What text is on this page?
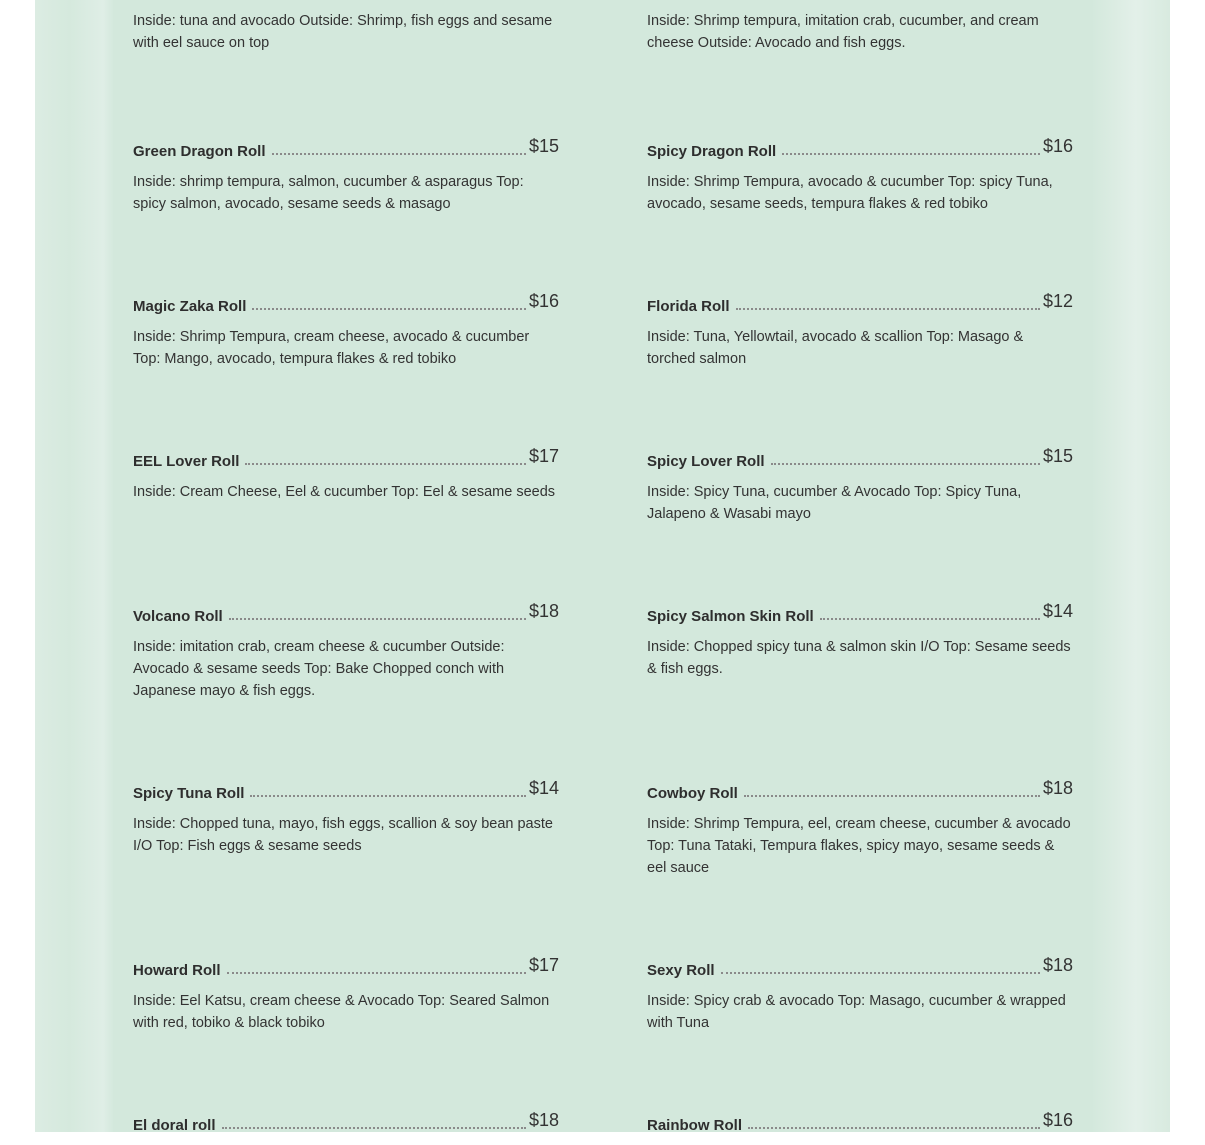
Inside: tuna and avocado Outside: Shrimp, fish eggs and sesame with eel sauce on top
Inside: Shrimp tempura, imitation crab, cucumber, and cream cheese Outside: Avocado and fish eggs.
Green Dragon Roll	$15
Inside: shrimp tempura, salmon, cucumber & asparagus Top: spicy salmon, avocado, sesame seeds & masago
Spicy Dragon Roll	$16
Inside: Shrimp Tempura, avocado & cucumber Top: spicy Tuna, avocado, sesame seeds, tempura flakes & red tobiko
Magic Zaka Roll	$16
Inside: Shrimp Tempura, cream cheese, avocado & cucumber Top: Mango, avocado, tempura flakes & red tobiko
Florida Roll	$12
Inside: Tuna, Yellowtail, avocado & scallion Top: Masago & torched salmon
EEL Lover Roll	$17
Inside: Cream Cheese, Eel & cucumber Top: Eel & sesame seeds
Spicy Lover Roll	$15
Inside: Spicy Tuna, cucumber & Avocado Top: Spicy Tuna, Jalapeno & Wasabi mayo
Volcano Roll	$18
Inside: imitation crab, cream cheese & cucumber Outside: Avocado & sesame seeds Top: Bake Chopped conch with Japanese mayo & fish eggs.
Spicy Salmon Skin Roll	$14
Inside: Chopped spicy tuna & salmon skin I/O Top: Sesame seeds & fish eggs.
Spicy Tuna Roll	$14
Inside: Chopped tuna, mayo, fish eggs, scallion & soy bean paste I/O Top: Fish eggs & sesame seeds
Cowboy Roll	$18
Inside: Shrimp Tempura, eel, cream cheese, cucumber & avocado Top: Tuna Tataki, Tempura flakes, spicy mayo, sesame seeds & eel sauce
Howard Roll	$17
Inside: Eel Katsu, cream cheese & Avocado Top: Seared Salmon with red, tobiko & black tobiko
Sexy Roll	$18
Inside: Spicy crab & avocado Top: Masago, cucumber & wrapped with Tuna
El doral roll	$18	Rainbow Roll	$16
